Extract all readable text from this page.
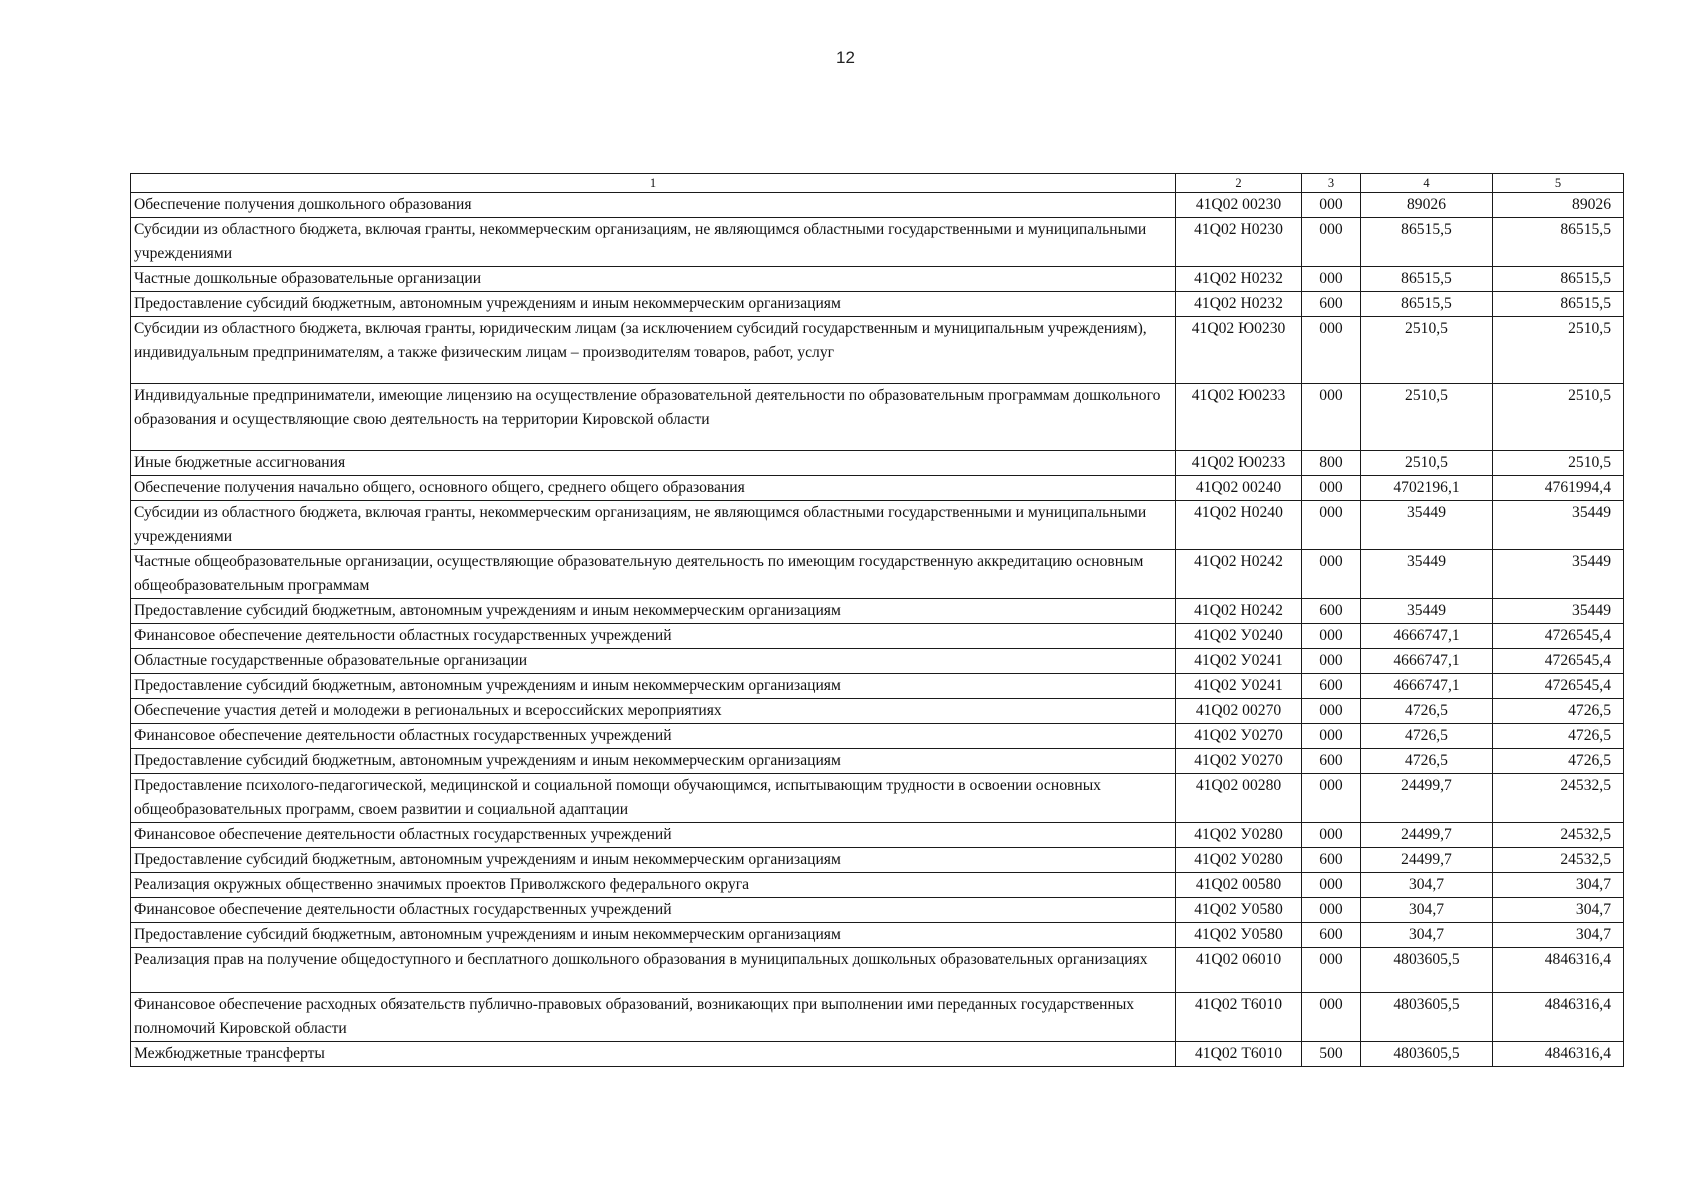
12
1	2	3	4	5
Обеспечение получения дошкольного образования	41Q02 00230	000	89026	89026
Субсидии из областного бюджета, включая гранты, некоммерческим организациям, не являющимся областными государственными и муниципальными учреждениями	41Q02 Н0230	000	86515,5	86515,5
Частные дошкольные образовательные организации	41Q02 Н0232	000	86515,5	86515,5
Предоставление субсидий бюджетным, автономным учреждениям и иным некоммерческим организациям	41Q02 Н0232	600	86515,5	86515,5
Субсидии из областного бюджета, включая гранты, юридическим лицам (за исключением субсидий государственным и муниципальным учреждениям), индивидуальным предпринимателям, а также физическим лицам – производителям товаров, работ, услуг	41Q02 Ю0230	000	2510,5	2510,5
Индивидуальные предприниматели, имеющие лицензию на осуществление образовательной деятельности по образовательным программам дошкольного образования и осуществляющие свою деятельность на территории Кировской области	41Q02 Ю0233	000	2510,5	2510,5
Иные бюджетные ассигнования	41Q02 Ю0233	800	2510,5	2510,5
Обеспечение получения начально общего, основного общего, среднего общего образования	41Q02 00240	000	4702196,1	4761994,4
Субсидии из областного бюджета, включая гранты, некоммерческим организациям, не являющимся областными государственными и муниципальными учреждениями	41Q02 Н0240	000	35449	35449
Частные общеобразовательные организации, осуществляющие образовательную деятельность по имеющим государственную аккредитацию основным общеобразовательным программам	41Q02 Н0242	000	35449	35449
Предоставление субсидий бюджетным, автономным учреждениям и иным некоммерческим организациям	41Q02 Н0242	600	35449	35449
Финансовое обеспечение деятельности областных государственных учреждений	41Q02 У0240	000	4666747,1	4726545,4
Областные государственные образовательные организации	41Q02 У0241	000	4666747,1	4726545,4
Предоставление субсидий бюджетным, автономным учреждениям и иным некоммерческим организациям	41Q02 У0241	600	4666747,1	4726545,4
Обеспечение участия детей и молодежи в региональных и всероссийских мероприятиях	41Q02 00270	000	4726,5	4726,5
Финансовое обеспечение деятельности областных государственных учреждений	41Q02 У0270	000	4726,5	4726,5
Предоставление субсидий бюджетным, автономным учреждениям и иным некоммерческим организациям	41Q02 У0270	600	4726,5	4726,5
Предоставление психолого-педагогической, медицинской и социальной помощи обучающимся, испытывающим трудности в освоении основных общеобразовательных программ, своем развитии и социальной адаптации	41Q02 00280	000	24499,7	24532,5
Финансовое обеспечение деятельности областных государственных учреждений	41Q02 У0280	000	24499,7	24532,5
Предоставление субсидий бюджетным, автономным учреждениям и иным некоммерческим организациям	41Q02 У0280	600	24499,7	24532,5
Реализация окружных общественно значимых проектов Приволжского федерального округа	41Q02 00580	000	304,7	304,7
Финансовое обеспечение деятельности областных государственных учреждений	41Q02 У0580	000	304,7	304,7
Предоставление субсидий бюджетным, автономным учреждениям и иным некоммерческим организациям	41Q02 У0580	600	304,7	304,7
Реализация прав на получение общедоступного и бесплатного дошкольного образования в муниципальных дошкольных образовательных организациях	41Q02 06010	000	4803605,5	4846316,4
Финансовое обеспечение расходных обязательств публично-правовых образований, возникающих при выполнении ими переданных государственных полномочий Кировской области	41Q02 Т6010	000	4803605,5	4846316,4
Межбюджетные трансферты	41Q02 Т6010	500	4803605,5	4846316,4
